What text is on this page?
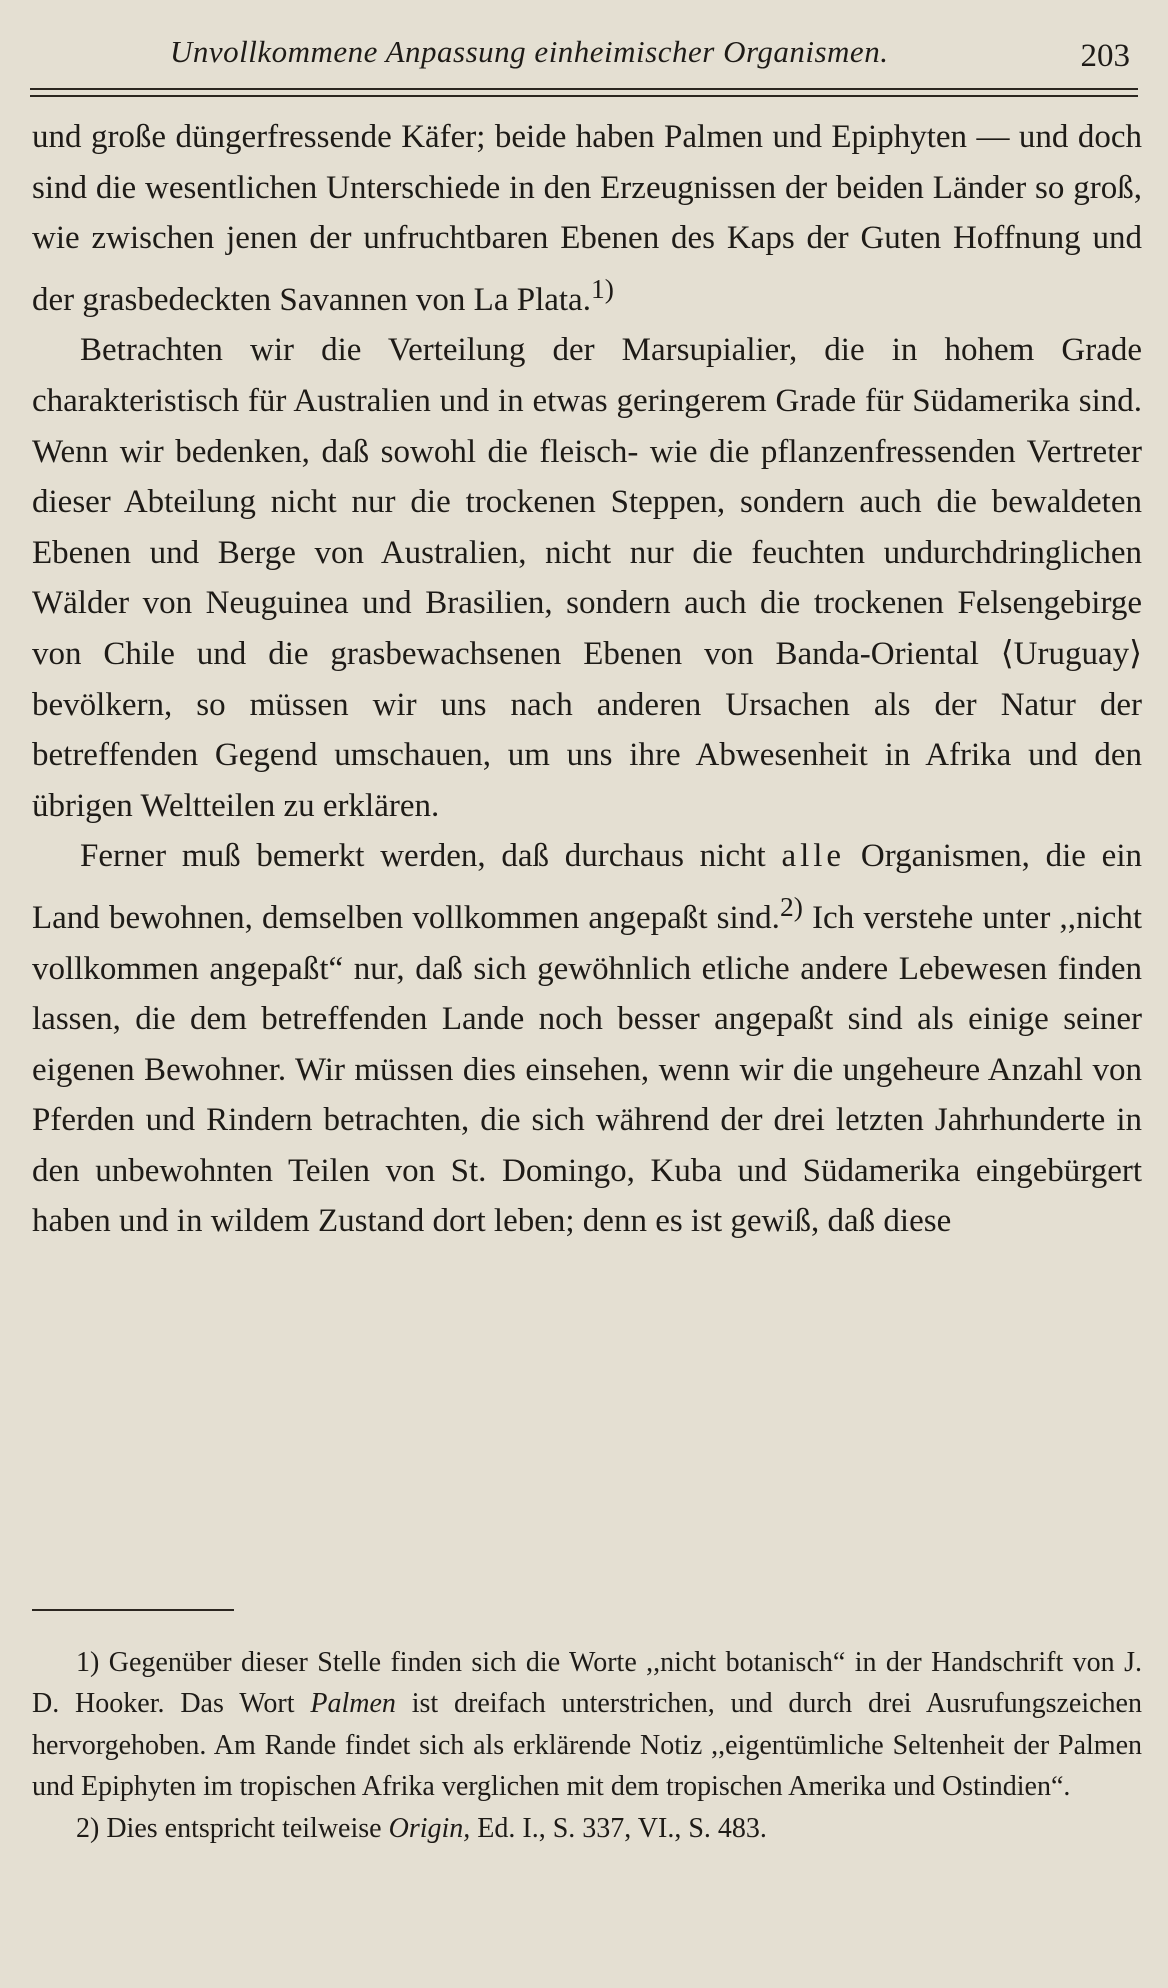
Unvollkommene Anpassung einheimischer Organismen.	203

und große düngerfressende Käfer; beide haben Palmen und Epiphyten — und doch sind die wesentlichen Unterschiede in den Erzeugnissen der beiden Länder so groß, wie zwischen jenen der unfruchtbaren Ebenen des Kaps der Guten Hoffnung und der grasbedeckten Savannen von La Plata.$^{1)}$

Betrachten wir die Verteilung der Marsupialier, die in hohem Grade charakteristisch für Australien und in etwas geringerem Grade für Südamerika sind. Wenn wir bedenken, daß sowohl die fleisch- wie die pflanzenfressenden Vertreter dieser Abteilung nicht nur die trockenen Steppen, sondern auch die bewaldeten Ebenen und Berge von Australien, nicht nur die feuchten undurchdringlichen Wälder von Neuguinea und Brasilien, sondern auch die trockenen Felsengebirge von Chile und die grasbewachsenen Ebenen von Banda-Oriental ⟨Uruguay⟩ bevölkern, so müssen wir uns nach anderen Ursachen als der Natur der betreffenden Gegend umschauen, um uns ihre Abwesenheit in Afrika und den übrigen Weltteilen zu erklären.

Ferner muß bemerkt werden, daß durchaus nicht alle Organismen, die ein Land bewohnen, demselben vollkommen angepaßt sind.$^{2)}$ Ich verstehe unter ,,nicht vollkommen angepaßt“ nur, daß sich gewöhnlich etliche andere Lebewesen finden lassen, die dem betreffenden Lande noch besser angepaßt sind als einige seiner eigenen Bewohner. Wir müssen dies einsehen, wenn wir die ungeheure Anzahl von Pferden und Rindern betrachten, die sich während der drei letzten Jahrhunderte in den unbewohnten Teilen von St. Domingo, Kuba und Südamerika eingebürgert haben und in wildem Zustand dort leben; denn es ist gewiß, daß diese

1) Gegenüber dieser Stelle finden sich die Worte ,,nicht botanisch“ in der Handschrift von J. D. Hooker. Das Wort Palmen ist dreifach unterstrichen, und durch drei Ausrufungszeichen hervorgehoben. Am Rande findet sich als erklärende Notiz ,,eigentümliche Seltenheit der Palmen und Epiphyten im tropischen Afrika verglichen mit dem tropischen Amerika und Ostindien“.

2) Dies entspricht teilweise Origin, Ed. I., S. 337, VI., S. 483.
